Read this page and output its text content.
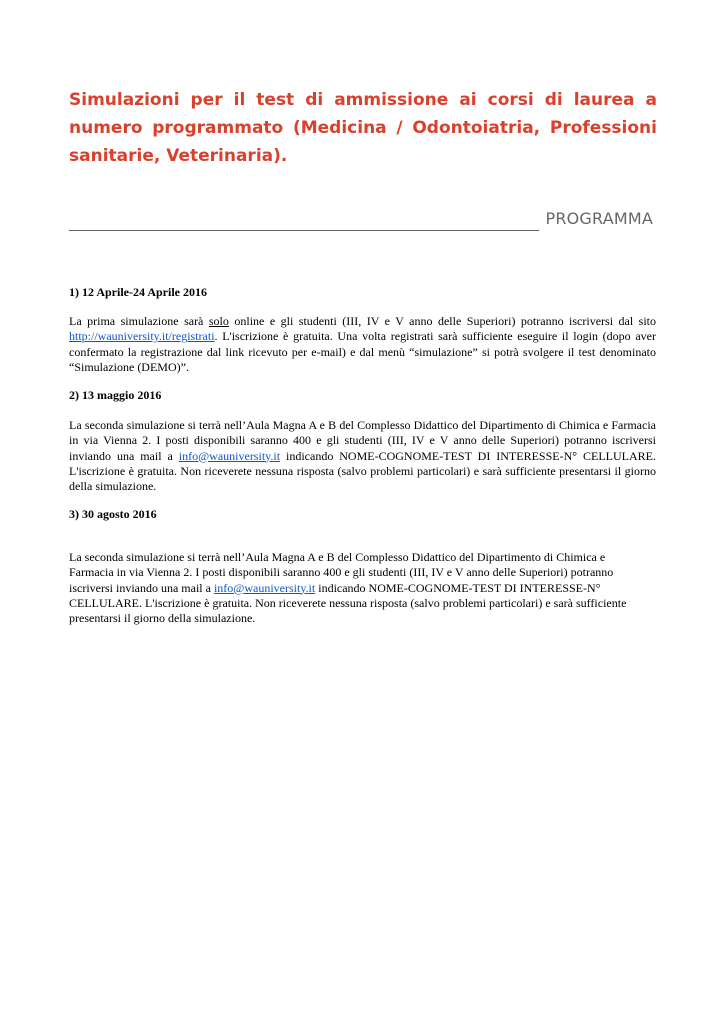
Simulazioni per il test di ammissione ai corsi di laurea a numero programmato (Medicina / Odontoiatria, Professioni sanitarie, Veterinaria).
PROGRAMMA
1) 12 Aprile-24 Aprile 2016

La prima simulazione sarà solo online e gli studenti (III, IV e V anno delle Superiori) potranno iscriversi dal sito http://wauniversity.it/registrati. L'iscrizione è gratuita. Una volta registrati sarà sufficiente eseguire il login (dopo aver confermato la registrazione dal link ricevuto per e-mail) e dal menù “simulazione” si potrà svolgere il test denominato “Simulazione (DEMO)”.

2) 13 maggio 2016

La seconda simulazione si terrà nell’Aula Magna A e B del Complesso Didattico del Dipartimento di Chimica e Farmacia in via Vienna 2. I posti disponibili saranno 400 e gli studenti (III, IV e V anno delle Superiori) potranno iscriversi inviando una mail a info@wauniversity.it indicando NOME-COGNOME-TEST DI INTERESSE-N° CELLULARE. L'iscrizione è gratuita. Non riceverete nessuna risposta (salvo problemi particolari) e sarà sufficiente presentarsi il giorno della simulazione.

3) 30 agosto 2016

La seconda simulazione si terrà nell’Aula Magna A e B del Complesso Didattico del Dipartimento di Chimica e Farmacia in via Vienna 2. I posti disponibili saranno 400 e gli studenti (III, IV e V anno delle Superiori) potranno iscriversi inviando una mail a info@wauniversity.it indicando NOME-COGNOME-TEST DI INTERESSE-N° CELLULARE. L'iscrizione è gratuita. Non riceverete nessuna risposta (salvo problemi particolari) e sarà sufficiente presentarsi il giorno della simulazione.
